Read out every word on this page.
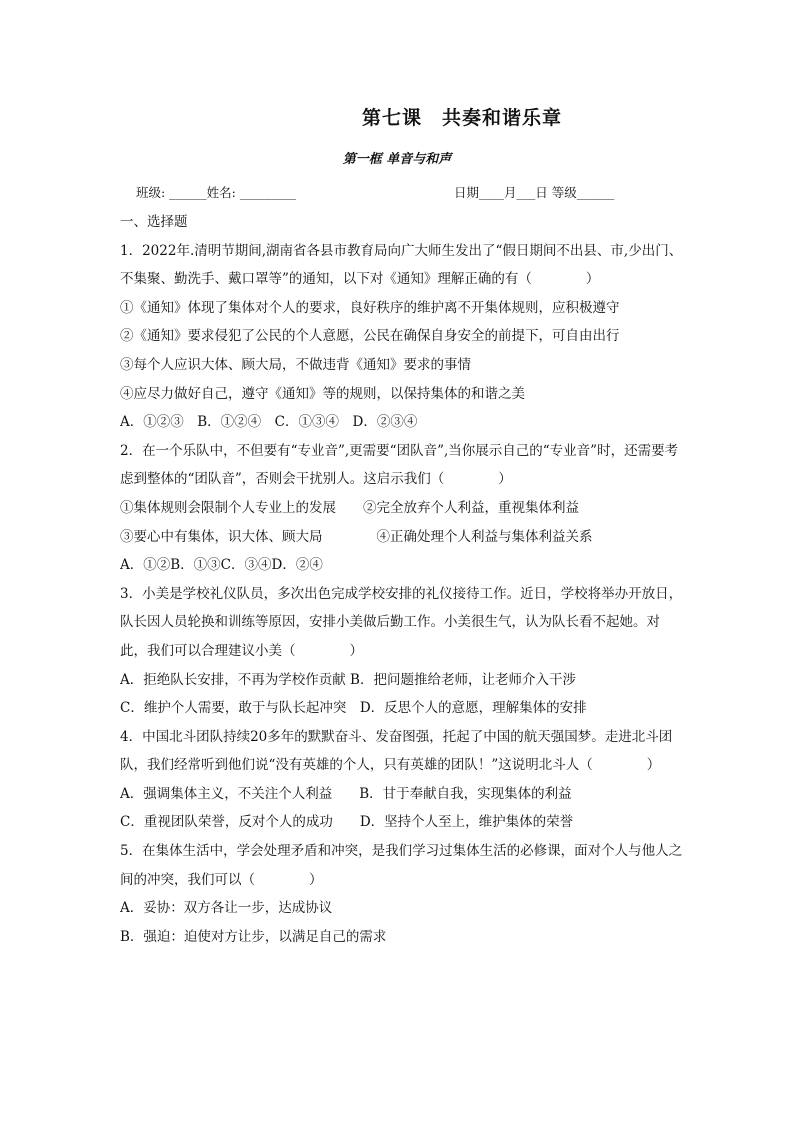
第七课　共奏和谐乐章
第一框 单音与和声
班级: ______姓名: _________	日期____月___日 等级______

一、选择题

1．2022年.清明节期间,湖南省各县市教育局向广大师生发出了“假日期间不出县、市,少出门、不集聚、勤洗手、戴口罩等”的通知，以下对《通知》理解正确的有（　　　　）

①《通知》体现了集体对个人的要求，良好秩序的维护离不开集体规则，应积极遵守

②《通知》要求侵犯了公民的个人意愿，公民在确保自身安全的前提下，可自由出行

③每个人应识大体、顾大局，不做违背《通知》要求的事情

④应尽力做好自己，遵守《通知》等的规则，以保持集体的和谐之美

A．①②③　B．①②④　C．①③④　D．②③④

2．在一个乐队中，不但要有“专业音”,更需要“团队音”,当你展示自己的“专业音”时，还需要考虑到整体的“团队音”，否则会干扰别人。这启示我们（　　　　）

①集体规则会限制个人专业上的发展　　②完全放弃个人利益，重视集体利益

③要心中有集体，识大体、顾大局　　　　④正确处理个人利益与集体利益关系

A．①②B．①③C．③④D．②④

3．小美是学校礼仪队员，多次出色完成学校安排的礼仪接待工作。近日，学校将举办开放日，队长因人员轮换和训练等原因，安排小美做后勤工作。小美很生气，认为队长看不起她。对此，我们可以合理建议小美（　　　　）

A．拒绝队长安排，不再为学校作贡献 B．把问题推给老师，让老师介入干涉

C．维护个人需要，敢于与队长起冲突　D．反思个人的意愿，理解集体的安排

4．中国北斗团队持续20多年的默默奋斗、发奋图强，托起了中国的航天强国梦。走进北斗团队，我们经常听到他们说“没有英雄的个人，只有英雄的团队！”这说明北斗人（　　　　）

A．强调集体主义，不关注个人利益　　B．甘于奉献自我，实现集体的利益

C．重视团队荣誉，反对个人的成功　　D．坚持个人至上，维护集体的荣誉

5．在集体生活中，学会处理矛盾和冲突，是我们学习过集体生活的必修课，面对个人与他人之间的冲突，我们可以（　　　　）

A．妥协：双方各让一步，达成协议

B．强迫：迫使对方让步，以满足自己的需求
